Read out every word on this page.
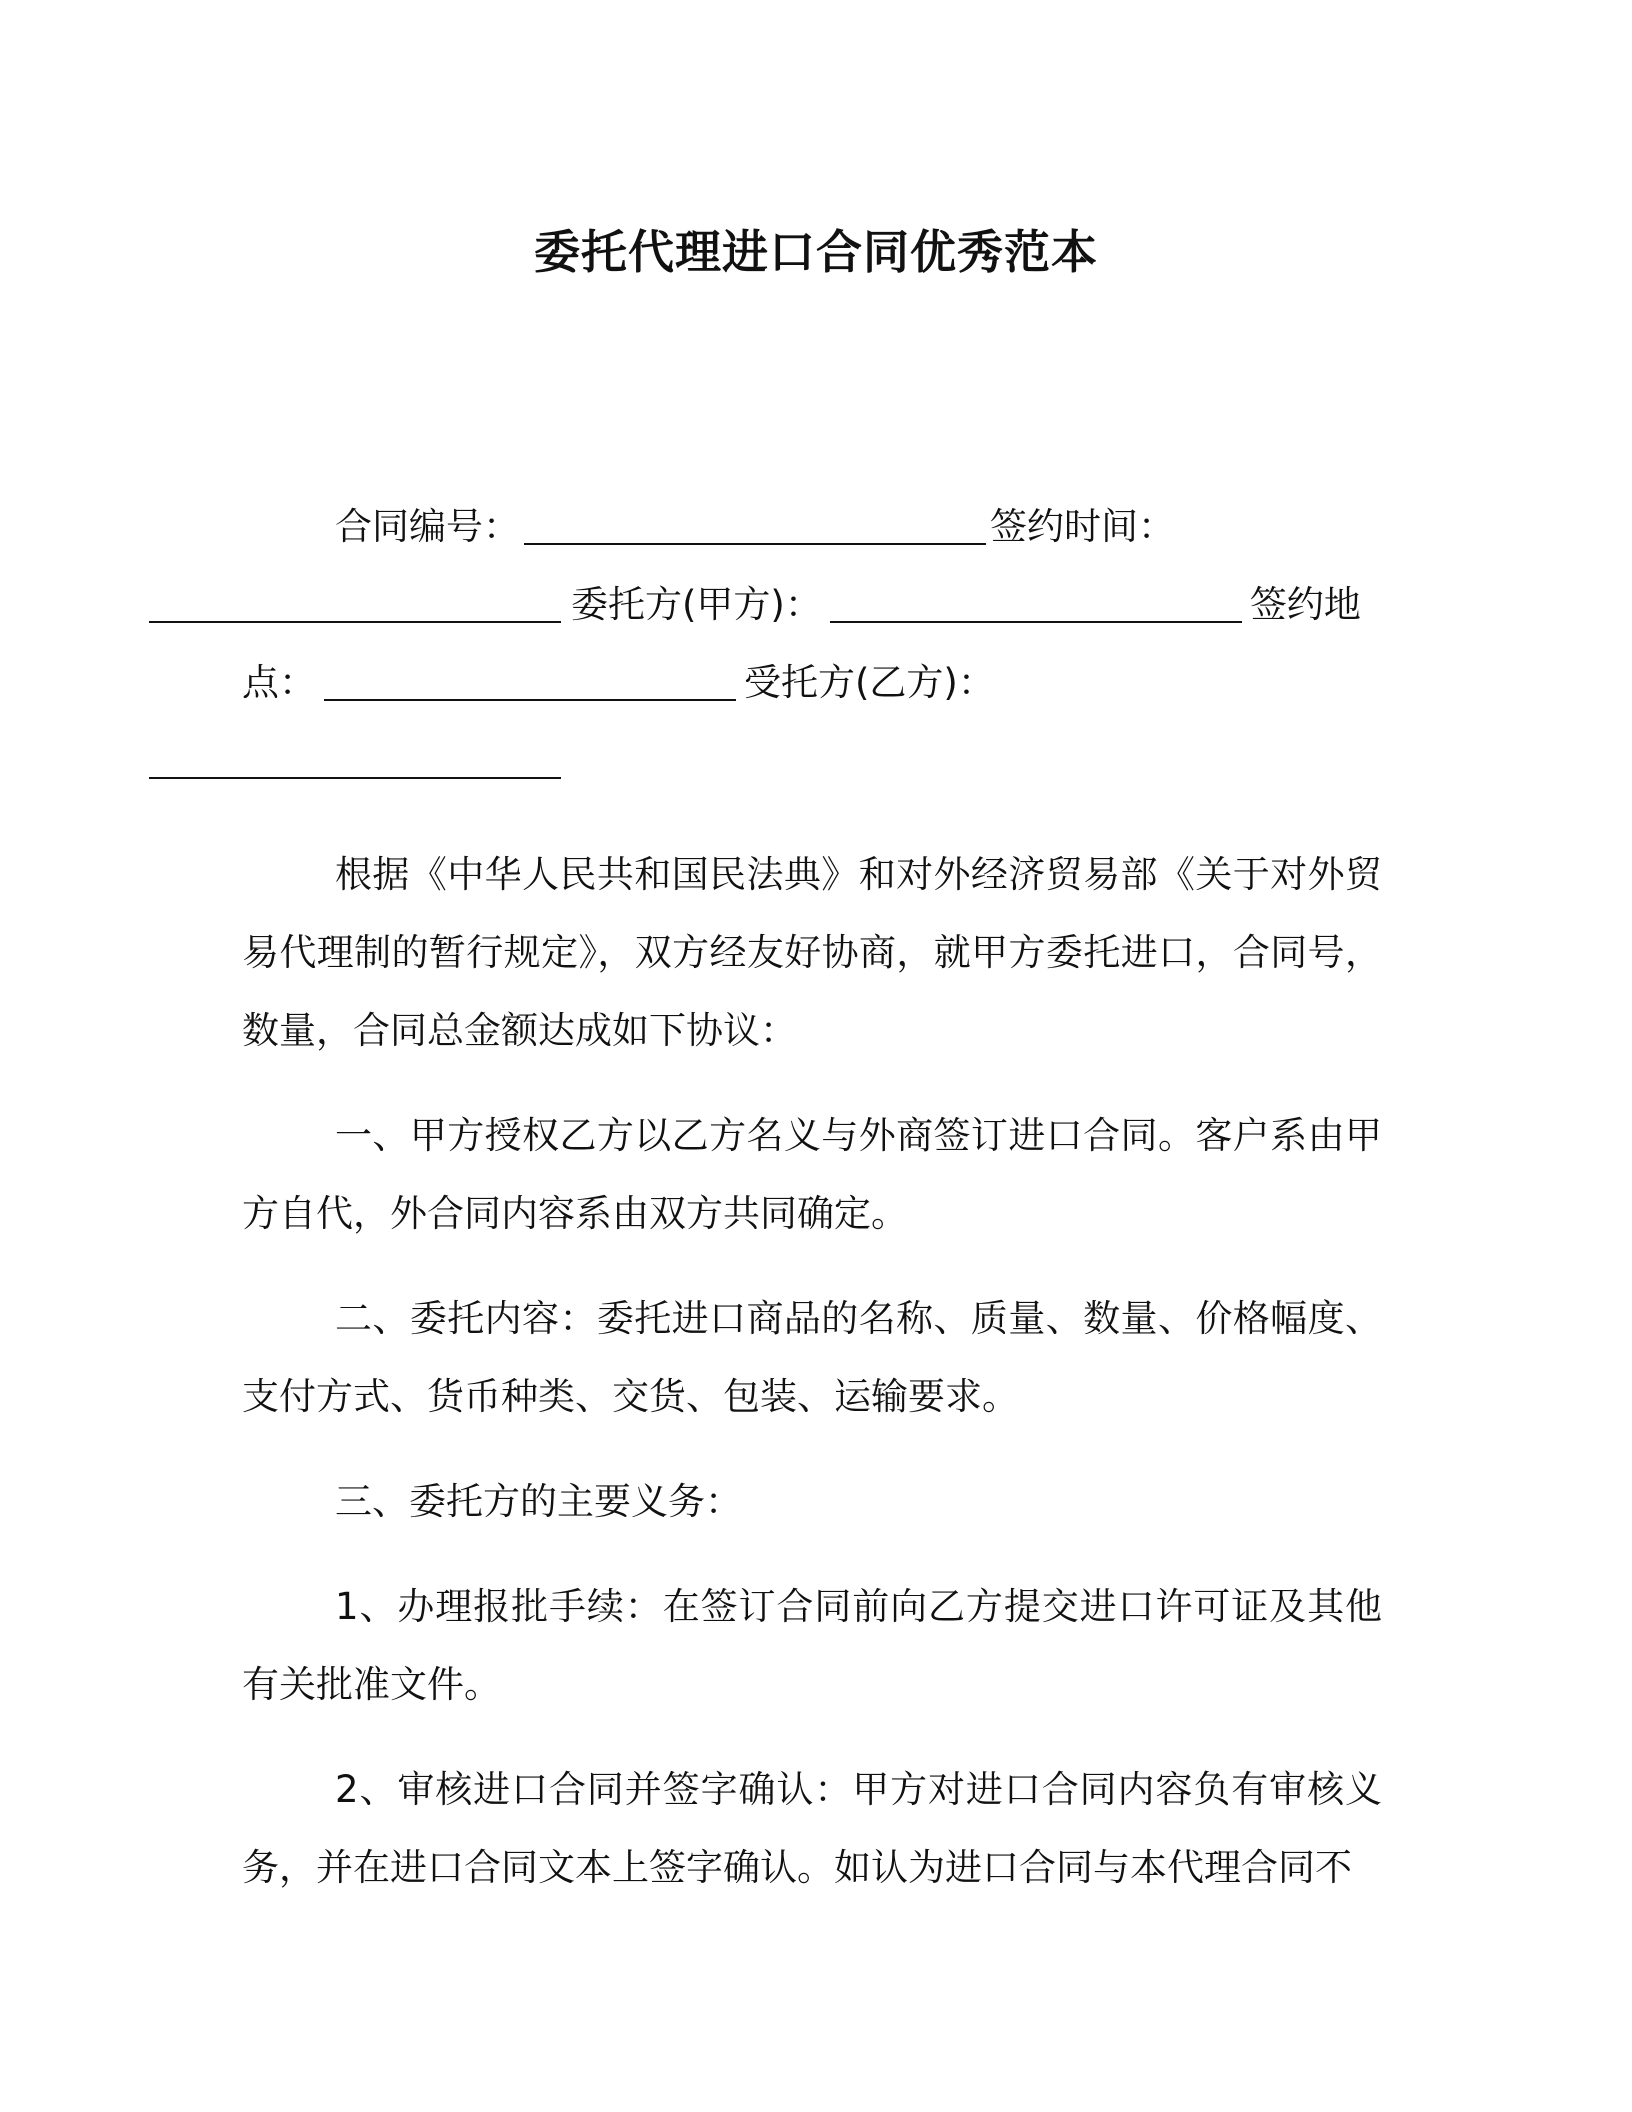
委托代理进口合同优秀范本
合同编号：	签约时间：
委托方(甲方)：	签约地点：	受托方(乙方)：

根据《中华人民共和国民法典》和对外经济贸易部《关于对外贸易代理制的暂行规定》，双方经友好协商，就甲方委托进口，合同号，数量，合同总金额达成如下协议：

一、甲方授权乙方以乙方名义与外商签订进口合同。客户系由甲方自代，外合同内容系由双方共同确定。

二、委托内容：委托进口商品的名称、质量、数量、价格幅度、支付方式、货币种类、交货、包装、运输要求。

三、委托方的主要义务：

1、办理报批手续：在签订合同前向乙方提交进口许可证及其他有关批准文件。

2、审核进口合同并签字确认：甲方对进口合同内容负有审核义务，并在进口合同文本上签字确认。如认为进口合同与本代理合同不
